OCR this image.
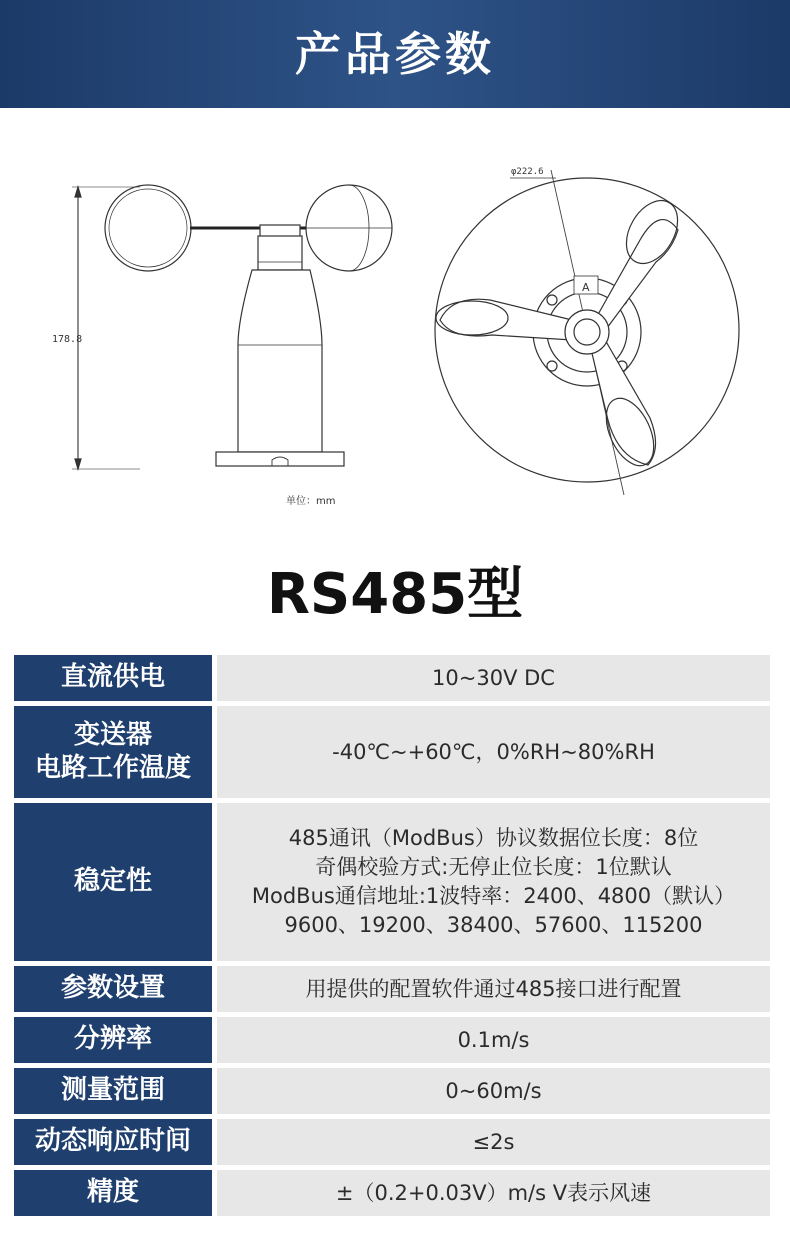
产品参数
178.8
单位：mm
A
φ222.6
RS485型
直流供电	10~30V DC

变送器
电路工作温度	-40℃~+60℃，0%RH~80%RH

稳定性	485通讯（ModBus）协议数据位长度：8位
奇偶校验方式:无停止位长度：1位默认
ModBus通信地址:1波特率：2400、4800（默认）
9600、19200、38400、57600、115200

参数设置	用提供的配置软件通过485接口进行配置

分辨率	0.1m/s

测量范围	0~60m/s

动态响应时间	≤2s

精度	±（0.2+0.03V）m/s V表示风速
